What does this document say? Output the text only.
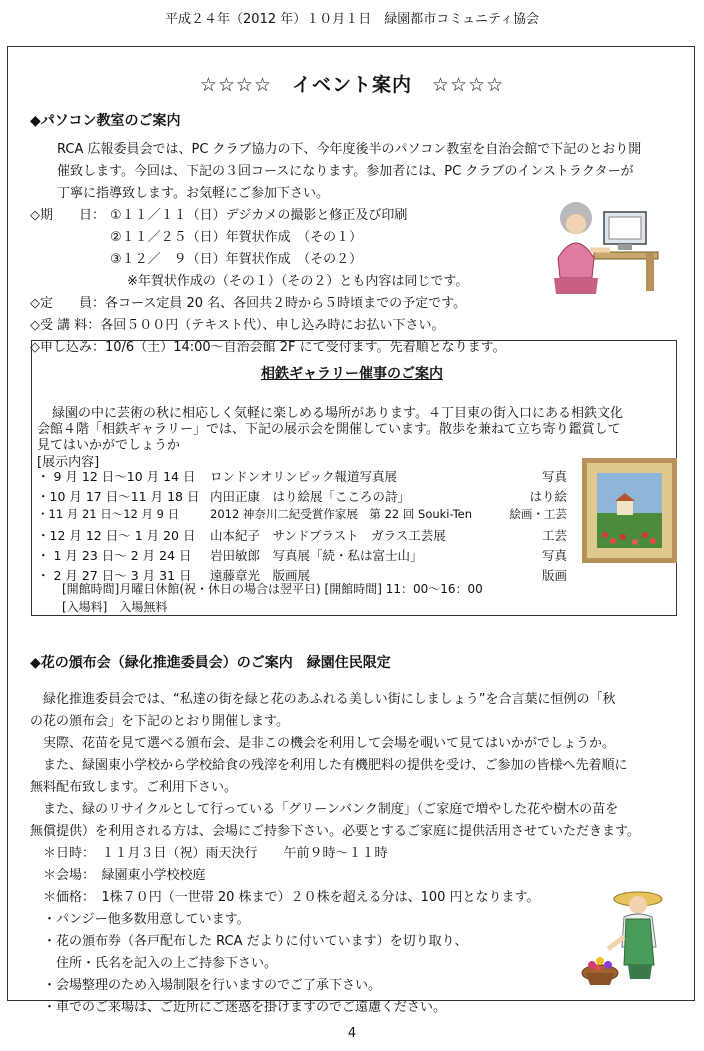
平成２４年（2012 年）１０月１日　緑園都市コミュニティ協会
☆☆☆☆　イベント案内　☆☆☆☆
◆パソコン教室のご案内
RCA 広報委員会では、PC クラブ協力の下、今年度後半のパソコン教室を自治会館で下記のとおり開
催致します。今回は、下記の３回コースになります。参加者には、PC クラブのインストラクターが
丁寧に指導致します。お気軽にご参加下さい。
◇期　　日： ①１１／１１（日）デジカメの撮影と修正及び印刷
②１１／２５（日）年賀状作成　（その１）
③１２／　９（日）年賀状作成　（その２）
※年賀状作成の（その１）（その２）とも内容は同じです。
◇定　　員：各コース定員 20 名、各回共２時から５時頃までの予定です。
◇受 講 料：各回５００円（テキスト代）、申し込み時にお払い下さい。
◇申し込み：10/6（土）14:00～自治会館 2F にて受付ます。先着順となります。
相鉄ギャラリー催事のご案内
緑園の中に芸術の秋に相応しく気軽に楽しめる場所があります。４丁目東の街入口にある相鉄文化
会館４階「相鉄ギャラリー」では、下記の展示会を開催しています。散歩を兼ねて立ち寄り鑑賞して
見てはいかがでしょうか
[展示内容]
・ 9 月 12 日～10 月 14 日 ロンドンオリンピック報道写真展	写真
・10 月 17 日～11 月 18 日 内田正康　はり絵展「こころの詩」	はり絵
・11 月 21 日～12 月 9 日	2012 神奈川二紀受賞作家展　第 22 回 Souki-Ten	絵画・工芸
・12 月 12 日～ 1 月 20 日 山本紀子　サンドブラスト　ガラス工芸展	工芸
・ 1 月 23 日～ 2 月 24 日 岩田敏郎　写真展「続・私は富士山」	写真
・ 2 月 27 日～ 3 月 31 日 遠藤章光　版画展	版画
[開館時間]月曜日休館(祝・休日の場合は翌平日) [開館時間] 11：00～16：00
[入場料]　入場無料
◆花の頒布会（緑化推進委員会）のご案内　緑園住民限定
緑化推進委員会では、“私達の街を緑と花のあふれる美しい街にしましょう”を合言葉に恒例の「秋
の花の頒布会」を下記のとおり開催します。
実際、花苗を見て選べる頒布会、是非この機会を利用して会場を覗いて見てはいかがでしょうか。
また、緑園東小学校から学校給食の残滓を利用した有機肥料の提供を受け、ご参加の皆様へ先着順に
無料配布致します。ご利用下さい。
また、緑のリサイクルとして行っている「グリーンバンク制度」（ご家庭で増やした花や樹木の苗を
無償提供）を利用される方は、会場にご持参下さい。必要とするご家庭に提供活用させていただきます。
＊日時：　１１月３日（祝）雨天決行　　午前９時～１１時
＊会場：　緑園東小学校校庭
＊価格：　1株７０円（一世帯 20 株まで）２０株を超える分は、100 円となります。
・パンジー他多数用意しています。
・花の頒布券（各戸配布した RCA だよりに付いています）を切り取り、
　住所・氏名を記入の上ご持参下さい。
・会場整理のため入場制限を行いますのでご了承下さい。
・車でのご来場は、ご近所にご迷惑を掛けますのでご遠慮ください。
4
